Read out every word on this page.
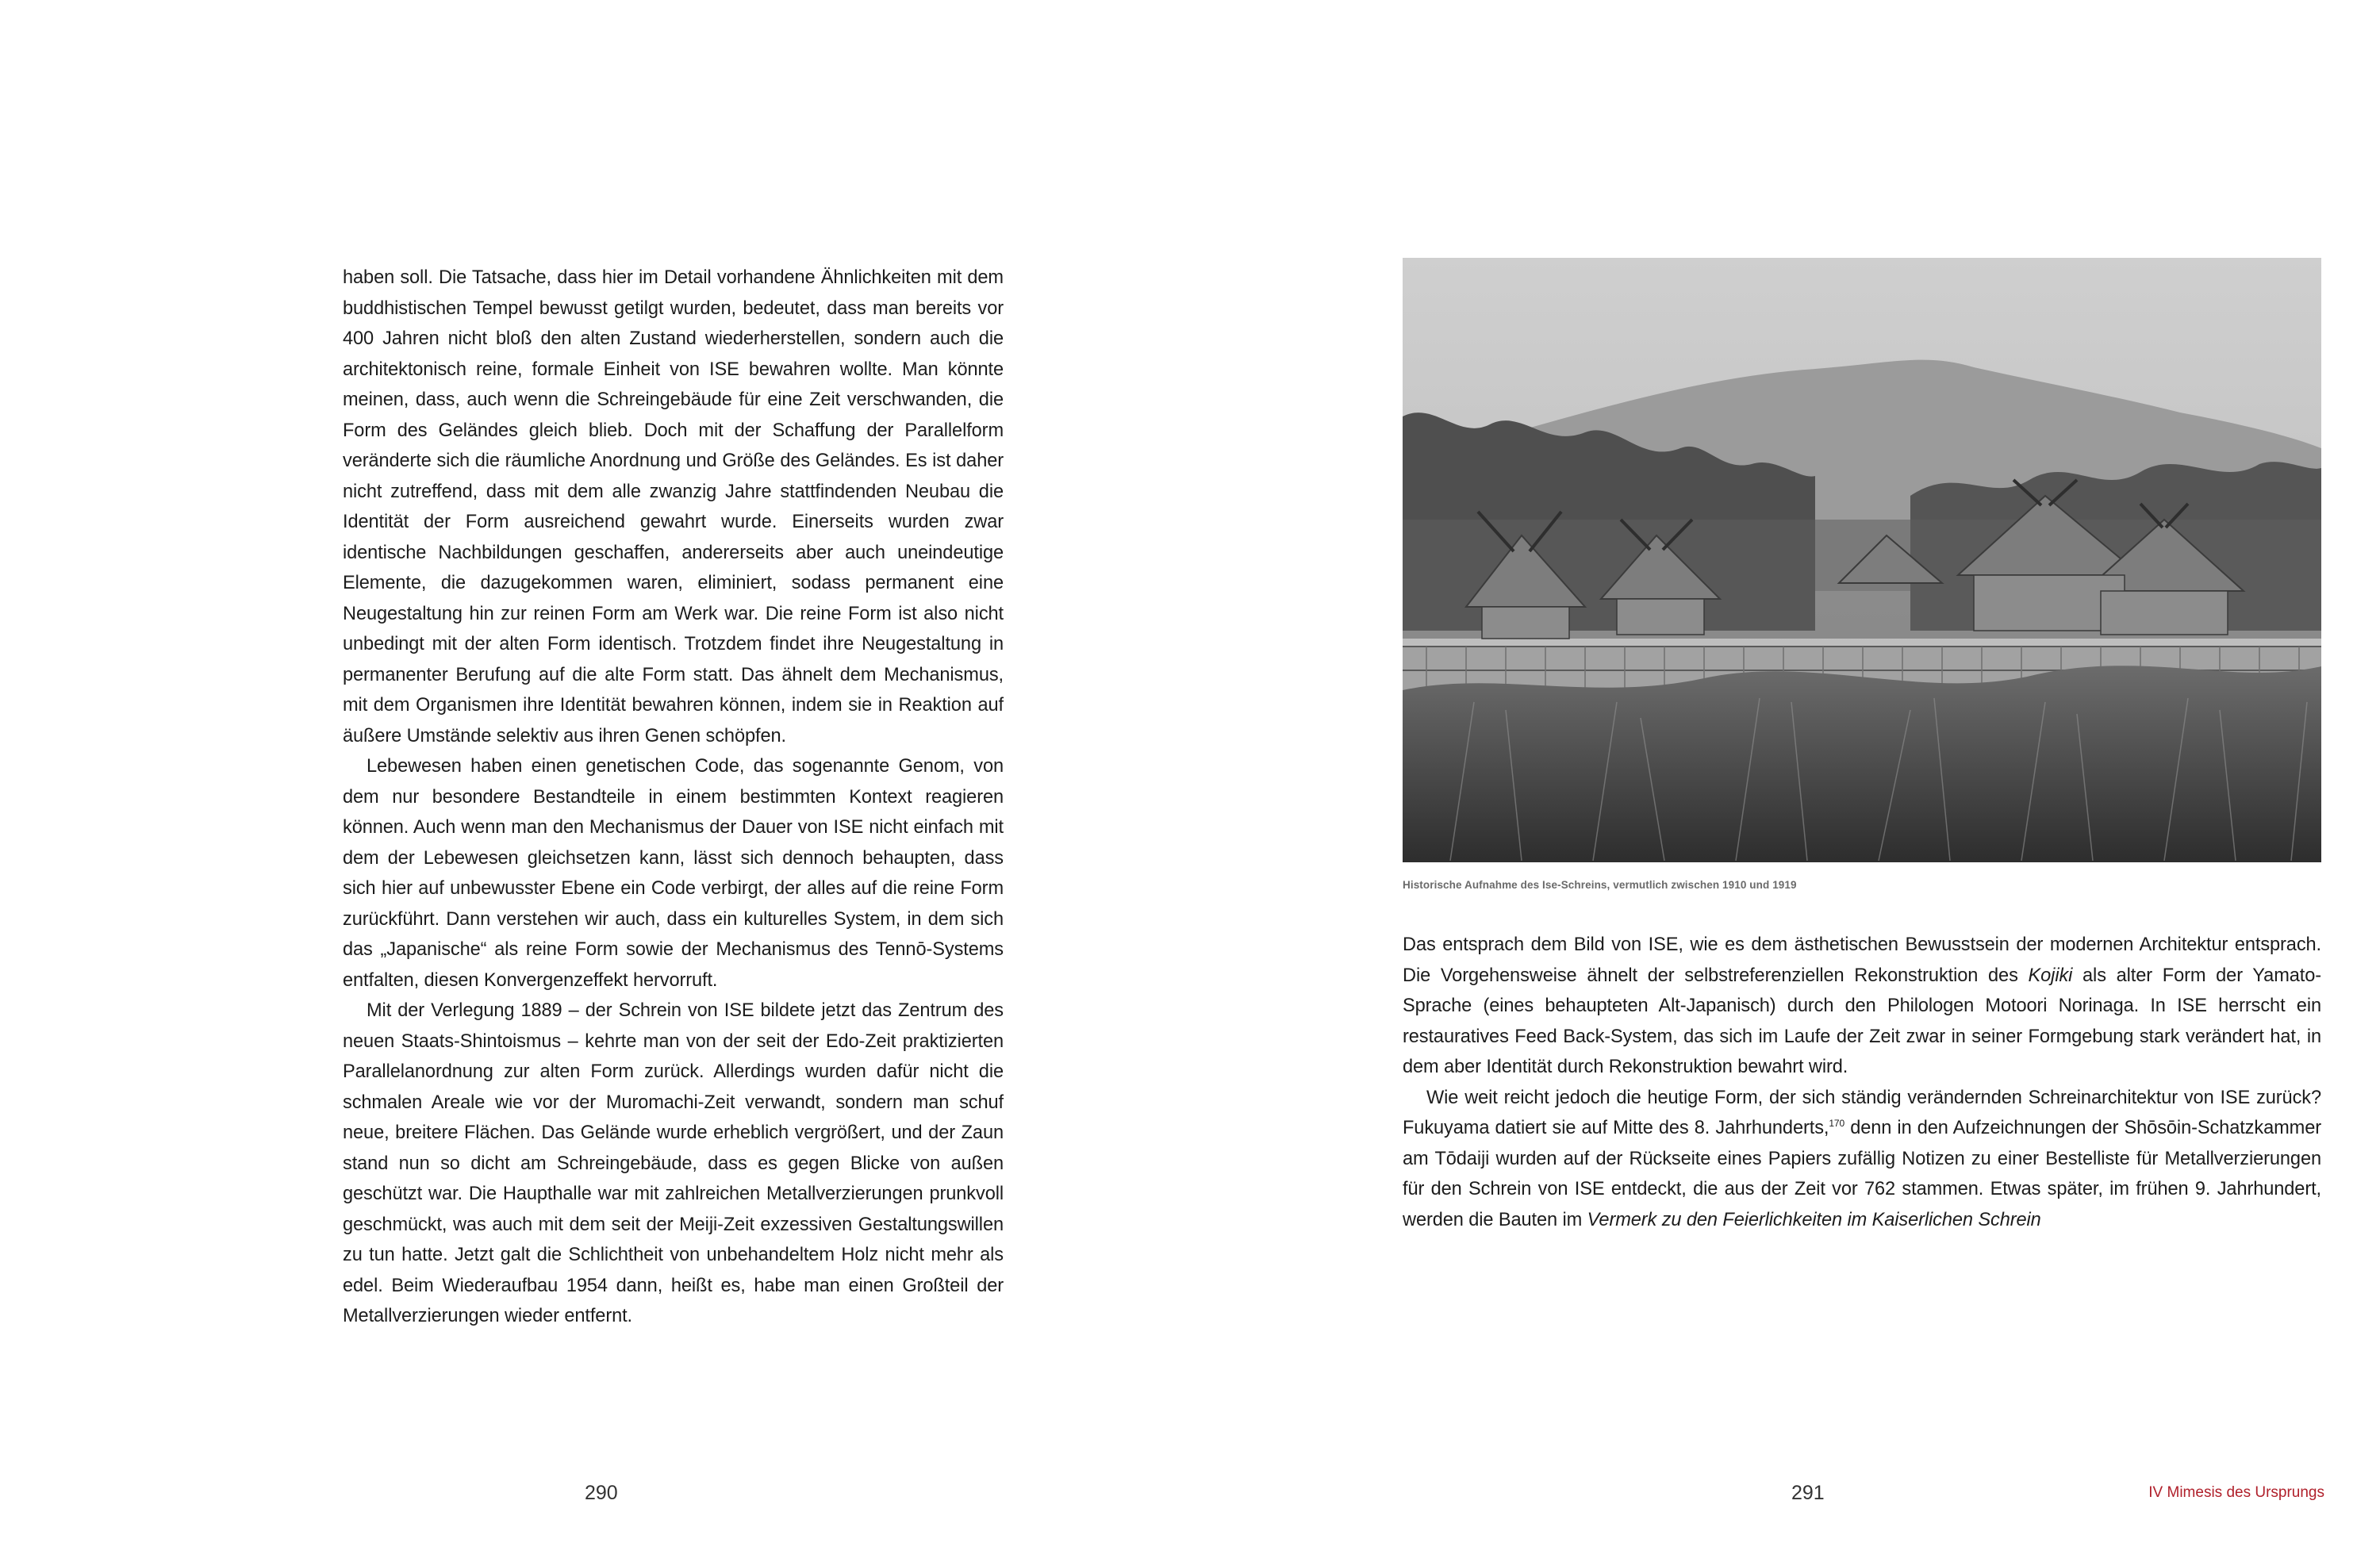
haben soll. Die Tatsache, dass hier im Detail vorhandene Ähnlichkeiten mit dem buddhistischen Tempel bewusst getilgt wurden, bedeutet, dass man bereits vor 400 Jahren nicht bloß den alten Zustand wiederherstellen, sondern auch die architektonisch reine, formale Einheit von ISE bewahren wollte. Man könnte meinen, dass, auch wenn die Schreingebäude für eine Zeit verschwanden, die Form des Geländes gleich blieb. Doch mit der Schaffung der Parallelform veränderte sich die räumliche Anordnung und Größe des Geländes. Es ist daher nicht zutreffend, dass mit dem alle zwanzig Jahre stattfindenden Neubau die Identität der Form ausreichend gewahrt wurde. Einerseits wurden zwar identische Nachbildungen geschaffen, andererseits aber auch uneindeutige Elemente, die dazugekommen waren, eliminiert, sodass permanent eine Neugestaltung hin zur reinen Form am Werk war. Die reine Form ist also nicht unbedingt mit der alten Form identisch. Trotzdem findet ihre Neugestaltung in permanenter Berufung auf die alte Form statt. Das ähnelt dem Mechanismus, mit dem Organismen ihre Identität bewahren können, indem sie in Reaktion auf äußere Umstände selektiv aus ihren Genen schöpfen.

Lebewesen haben einen genetischen Code, das sogenannte Genom, von dem nur besondere Bestandteile in einem bestimmten Kontext reagieren können. Auch wenn man den Mechanismus der Dauer von ISE nicht einfach mit dem der Lebewesen gleichsetzen kann, lässt sich dennoch behaupten, dass sich hier auf unbewusster Ebene ein Code verbirgt, der alles auf die reine Form zurückführt. Dann verstehen wir auch, dass ein kulturelles System, in dem sich das „Japanische“ als reine Form sowie der Mechanismus des Tennō-Systems entfalten, diesen Konvergenzeffekt hervorruft.

Mit der Verlegung 1889 – der Schrein von ISE bildete jetzt das Zentrum des neuen Staats-Shintoismus – kehrte man von der seit der Edo-Zeit praktizierten Parallelanordnung zur alten Form zurück. Allerdings wurden dafür nicht die schmalen Areale wie vor der Muromachi-Zeit verwandt, sondern man schuf neue, breitere Flächen. Das Gelände wurde erheblich vergrößert, und der Zaun stand nun so dicht am Schreingebäude, dass es gegen Blicke von außen geschützt war. Die Haupthalle war mit zahlreichen Metallverzierungen prunkvoll geschmückt, was auch mit dem seit der Meiji-Zeit exzessiven Gestaltungswillen zu tun hatte. Jetzt galt die Schlichtheit von unbehandeltem Holz nicht mehr als edel. Beim Wiederaufbau 1954 dann, heißt es, habe man einen Großteil der Metallverzierungen wieder entfernt.

290
Historische Aufnahme des Ise-Schreins, vermutlich zwischen 1910 und 1919

Das entsprach dem Bild von ISE, wie es dem ästhetischen Bewusstsein der modernen Architektur entsprach. Die Vorgehensweise ähnelt der selbstreferenziellen Rekonstruktion des Kojiki als alter Form der Yamato-Sprache (eines behaupteten Alt-Japanisch) durch den Philologen Motoori Norinaga. In ISE herrscht ein restauratives Feed Back-System, das sich im Laufe der Zeit zwar in seiner Formgebung stark verändert hat, in dem aber Identität durch Rekonstruktion bewahrt wird.

Wie weit reicht jedoch die heutige Form, der sich ständig verändernden Schreinarchitektur von ISE zurück? Fukuyama datiert sie auf Mitte des 8. Jahrhunderts,$^{170}$ denn in den Aufzeichnungen der Shōsōin-Schatzkammer am Tōdaiji wurden auf der Rückseite eines Papiers zufällig Notizen zu einer Bestelliste für Metallverzierungen für den Schrein von ISE entdeckt, die aus der Zeit vor 762 stammen. Etwas später, im frühen 9. Jahrhundert, werden die Bauten im Vermerk zu den Feierlichkeiten im Kaiserlichen Schrein

291	IV Mimesis des Ursprungs
